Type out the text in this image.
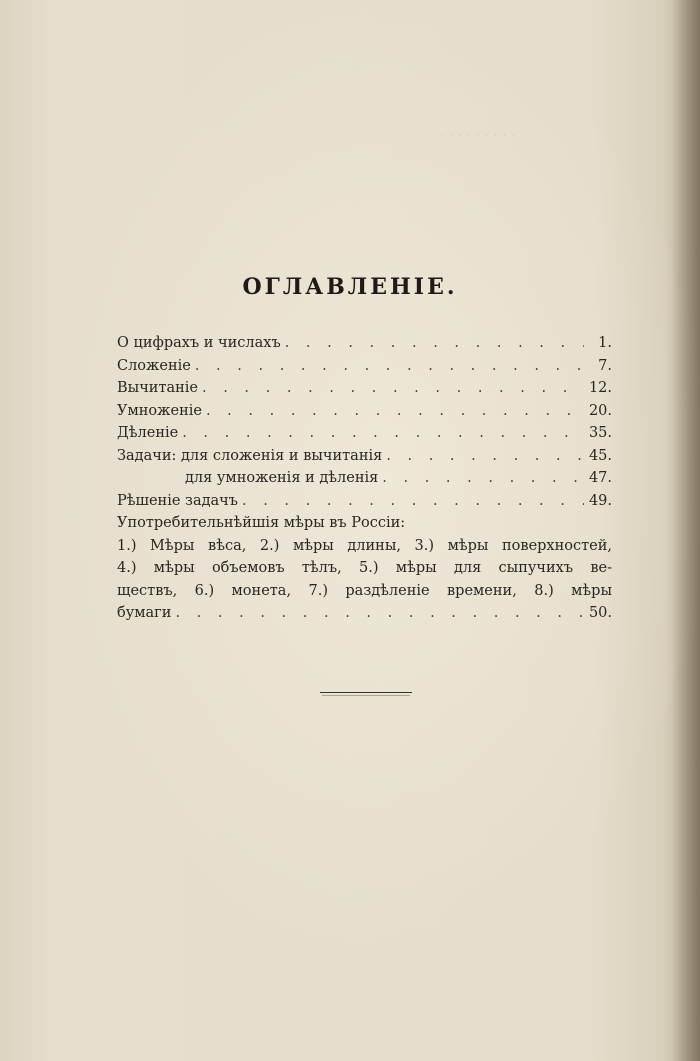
· · · · · · · · ·
ОГЛАВЛЕНІЕ.
О цифрахъ и числахъ . . .	1.
Сложеніе . . .	7.
Вычитаніе . . .	12.
Умноженіе . . .	20.
Дѣленіе . . .	35.
Задачи: для сложенія и вычитанія . . .	45.
для умноженія и дѣленія . . .	47.
Рѣшеніе задачъ . . .	49.
Употребительнѣйшія мѣры въ Россіи:
1.) Мѣры вѣса, 2.) мѣры длины, 3.) мѣры поверхностей,
4.) мѣры объемовъ тѣлъ, 5.) мѣры для сыпучихъ ве-
ществъ, 6.) монета, 7.) раздѣленіе времени, 8.) мѣры
бумаги . . .	50.
